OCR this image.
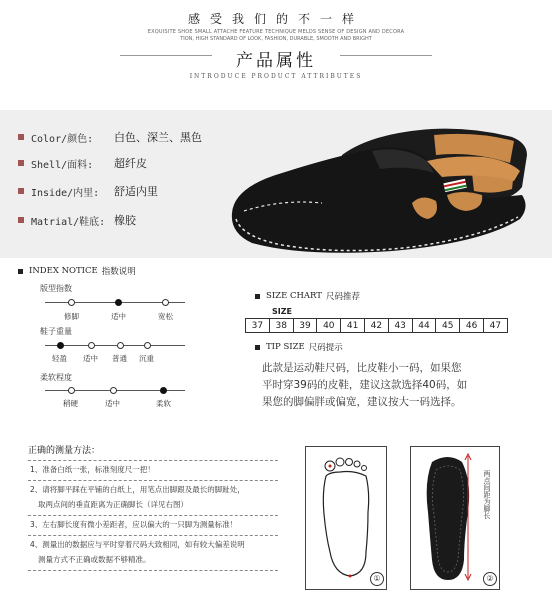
感受我们的不一样
EXQUISITE SHOE SMALL ATTACHE FEATURE TECHNIQUE MELDS SENSE OF DESIGN AND DECORA
TION, HIGH STANDARD OF LOOK, FASHION, DURABLE, SMOOTH AND BRIGHT
产品属性
INTRODUCE PRODUCT ATTRIBUTES
Color/颜色: 白色、深兰、黑色
Shell/面料: 超纤皮
Inside/内里: 舒适内里
Matrial/鞋底: 橡胶
INDEX NOTICE 指数说明
版型指数
修脚	适中	宽松
鞋子重量
轻盈 适中 普通 沉重
柔软程度
稍硬	适中	柔软
SIZE CHART 尺码推荐
SIZE
37	38	39	40	41	42	43	44	45	46	47
TIP SIZE 尺码提示
此款是运动鞋尺码，比皮鞋小一码，如果您
平时穿39码的皮鞋，建议这款选择40码，如
果您的脚偏胖或偏宽，建议按大一码选择。
正确的测量方法：
1、准备白纸一张，标准刻度尺一把！
2、请将脚平踩在平铺的白纸上，用笔点出脚跟及最长的脚趾处，
取两点间的垂直距离为正确脚长（详见右图）
3、左右脚长度有微小差距者，应以偏大的一只脚为测量标准！
4、测量出的数据应与平时穿着尺码大致相同，如有较大偏差说明
测量方式不正确或数据不够精准。
①
两点间距为脚长
②
